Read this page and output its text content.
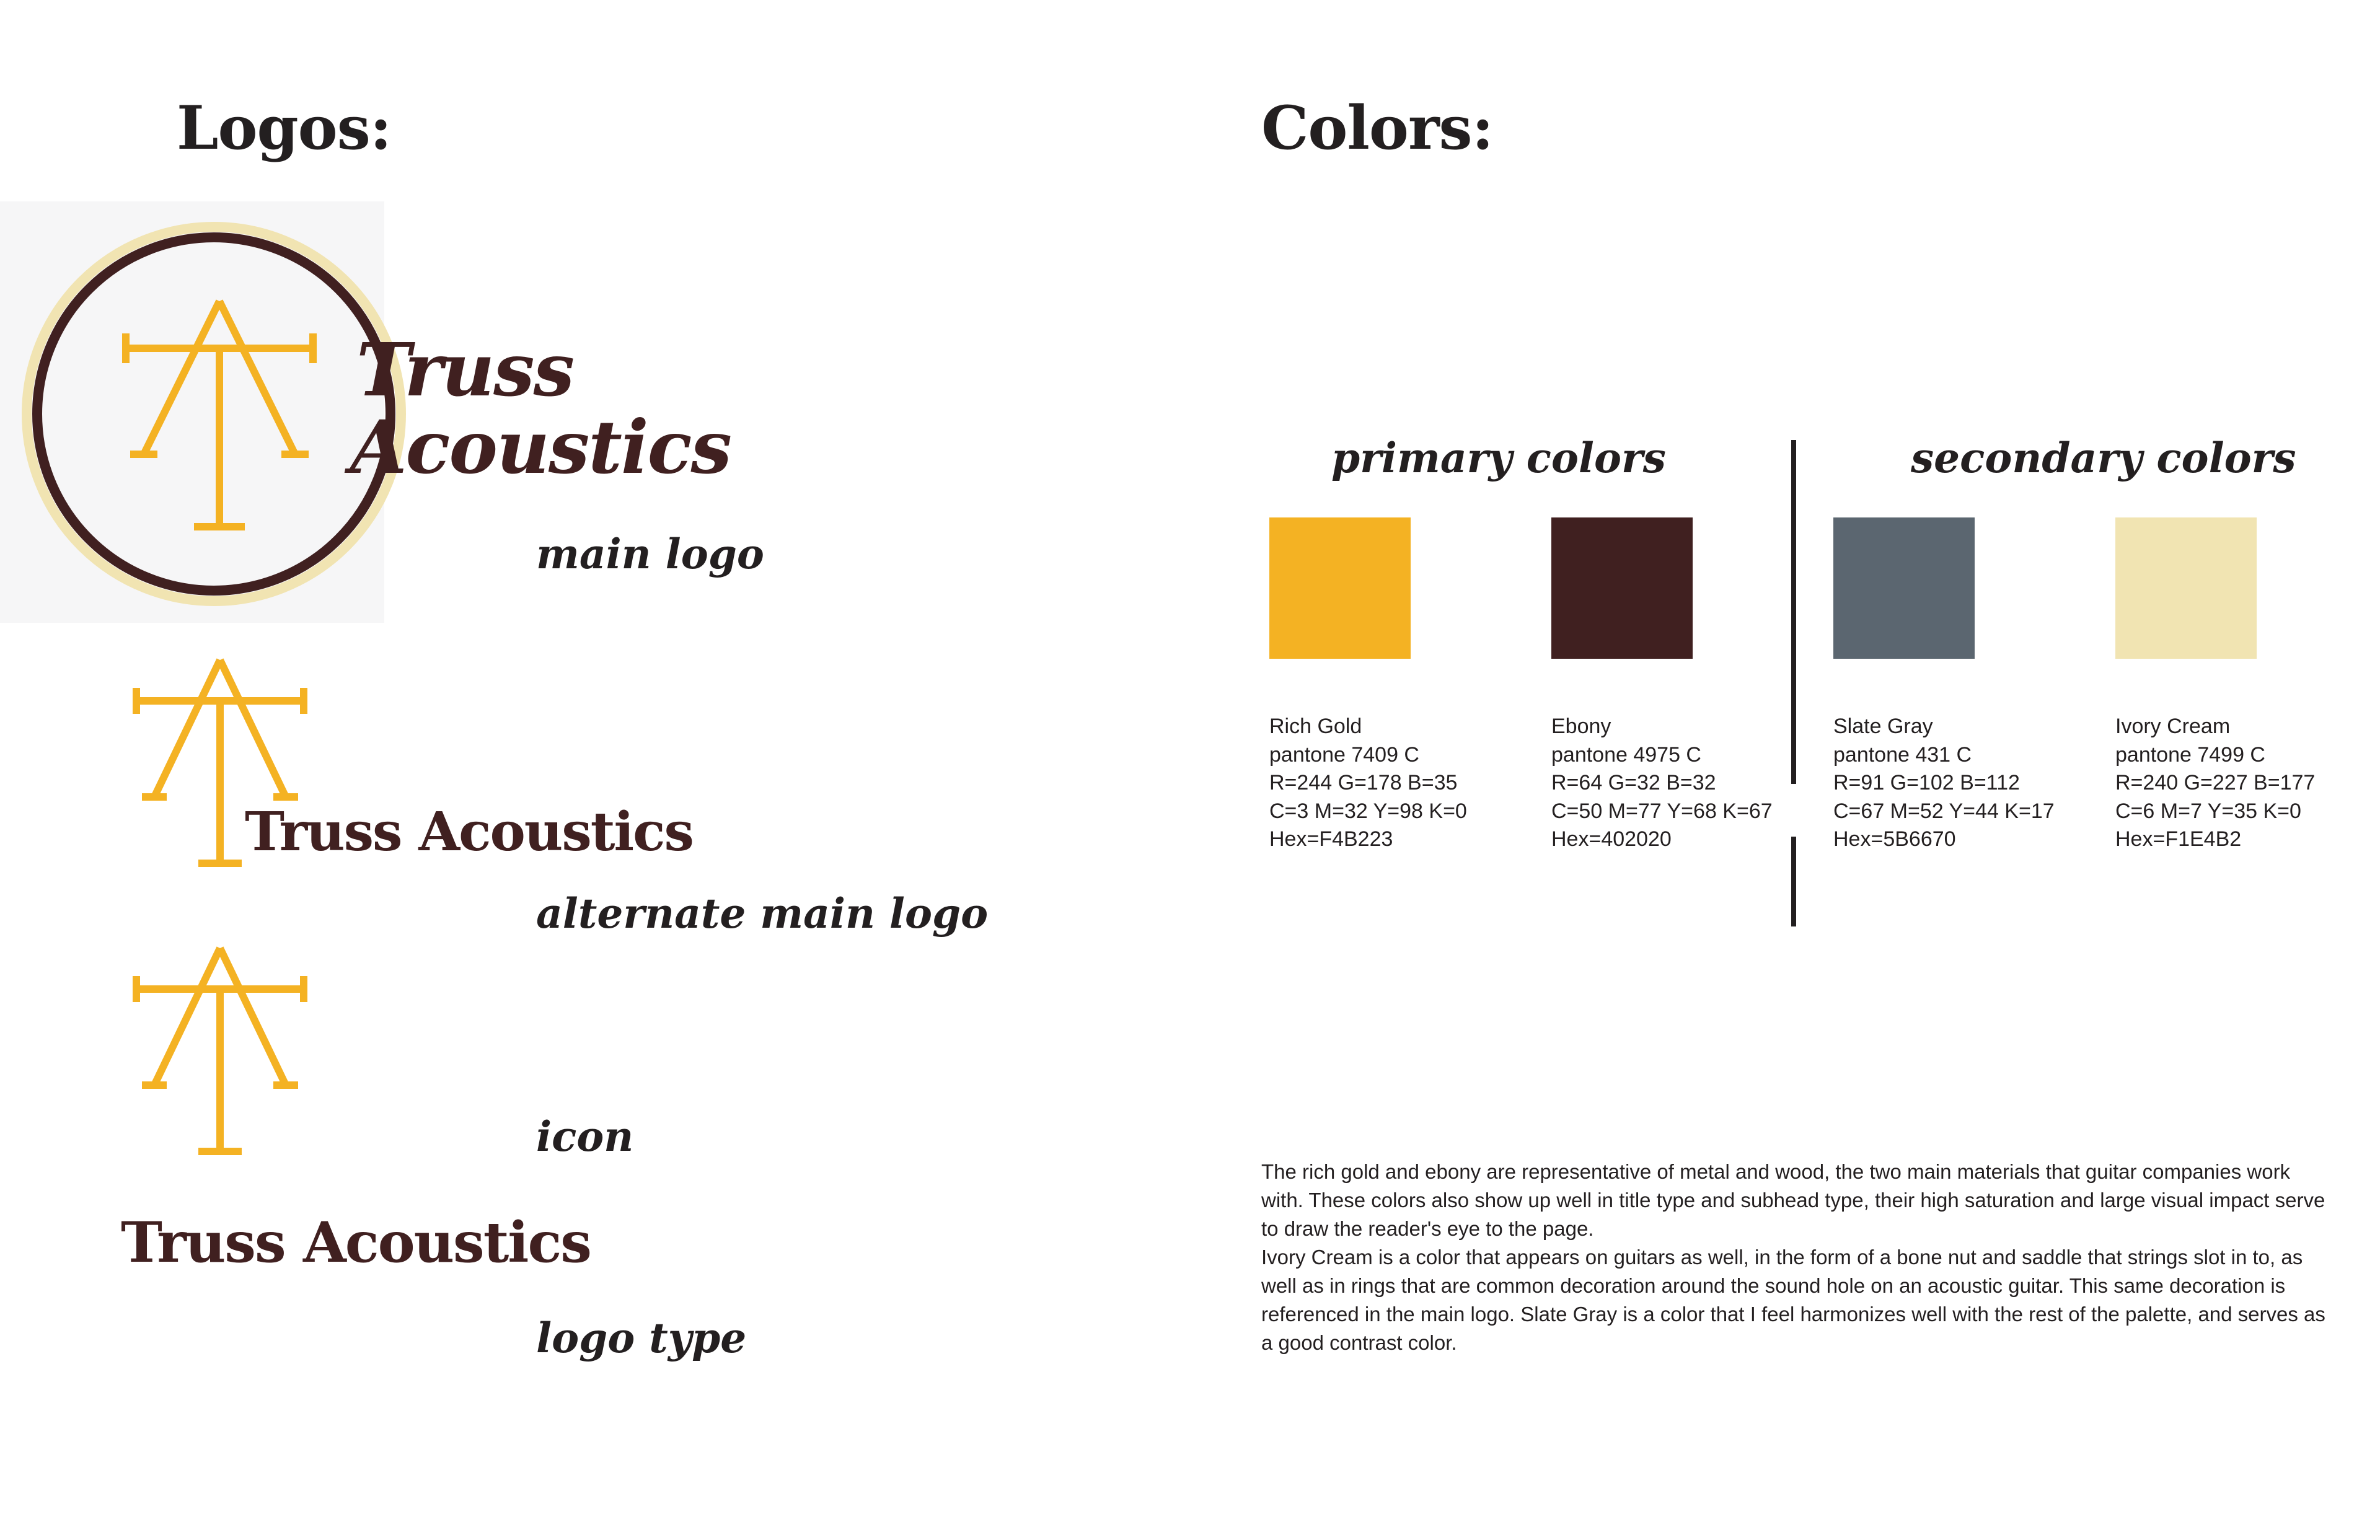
Logos:
Truss
Acoustics
main logo
Truss Acoustics
alternate main logo
icon
Truss Acoustics
logo type
Colors:
primary colors	secondary colors
Rich Gold
pantone 7409 C
R=244 G=178 B=35
C=3 M=32 Y=98 K=0
Hex=F4B223
Ebony
pantone 4975 C
R=64 G=32 B=32
C=50 M=77 Y=68 K=67
Hex=402020
Slate Gray
pantone 431 C
R=91 G=102 B=112
C=67 M=52 Y=44 K=17
Hex=5B6670
Ivory Cream
pantone 7499 C
R=240 G=227 B=177
C=6 M=7 Y=35 K=0
Hex=F1E4B2

The rich gold and ebony are representative of metal and wood, the two main materials that guitar companies work with. These colors also show up well in title type and subhead type, their high saturation and large visual impact serve to draw the reader's eye to the page.

Ivory Cream is a color that appears on guitars as well, in the form of a bone nut and saddle that strings slot in to, as well as in rings that are common decoration around the sound hole on an acoustic guitar. This same decoration is referenced in the main logo. Slate Gray is a color that I feel harmonizes well with the rest of the palette, and serves as a good contrast color.
